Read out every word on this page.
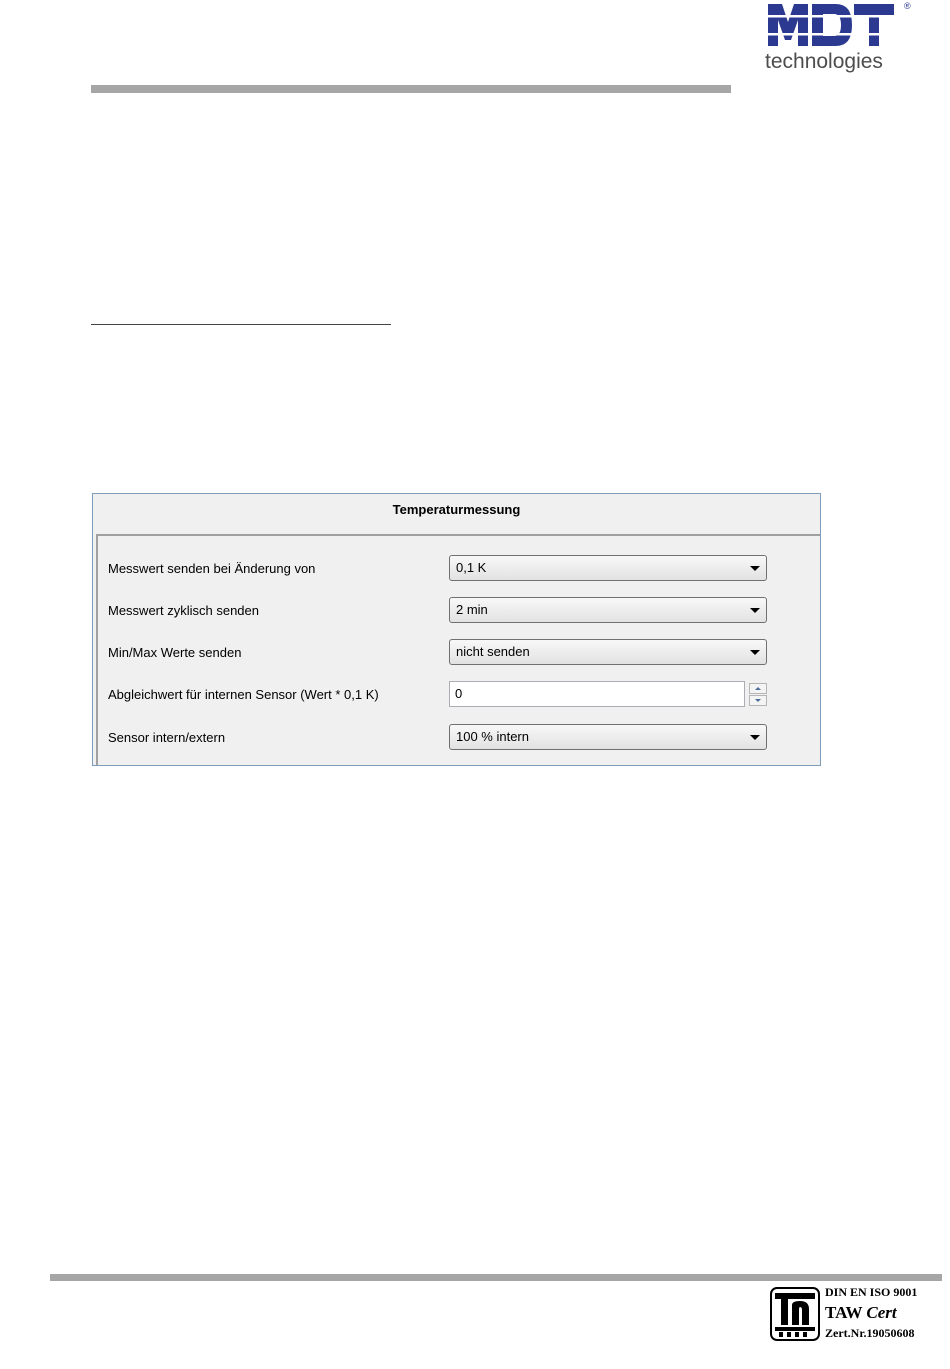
®
technologies
Temperaturmessung
Messwert senden bei Änderung von	0,1 K
Messwert zyklisch senden	2 min
Min/Max Werte senden	nicht senden
Abgleichwert für internen Sensor (Wert * 0,1 K)	0
Sensor intern/extern	100 % intern
DIN EN ISO 9001
TAW Cert
Zert.Nr.19050608
